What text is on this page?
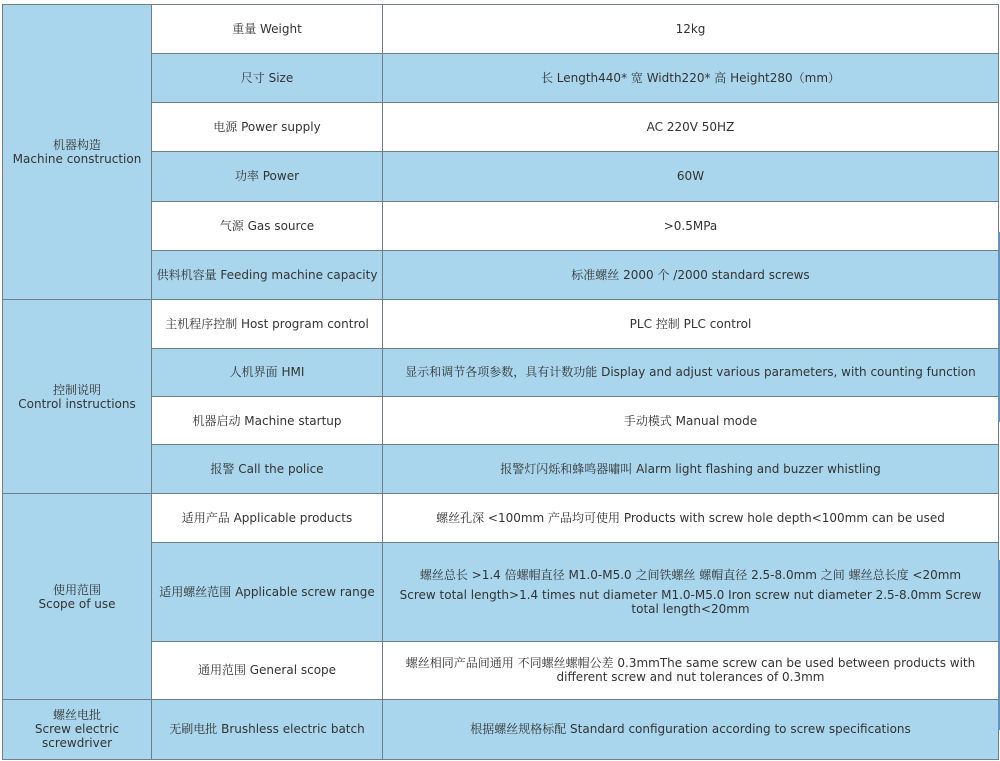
机器构造
Machine construction	重量 Weight	12kg
	尺寸 Size	长 Length440* 宽 Width220* 高 Height280（mm）
	电源 Power supply	AC 220V 50HZ
	功率 Power	60W
	气源 Gas source	>0.5MPa
	供料机容量 Feeding machine capacity	标准螺丝 2000 个 /2000 standard screws

控制说明
Control instructions	主机程序控制 Host program control	PLC 控制 PLC control
	人机界面 HMI	显示和调节各项参数，具有计数功能 Display and adjust various parameters, with counting function
	机器启动 Machine startup	手动模式 Manual mode
	报警 Call the police	报警灯闪烁和蜂鸣器嘯叫 Alarm light flashing and buzzer whistling

使用范围
Scope of use	适用产品 Applicable products	螺丝孔深 <100mm 产品均可使用 Products with screw hole depth<100mm can be used
	适用螺丝范围 Applicable screw range	螺丝总长 >1.4 倍螺帽直径 M1.0-M5.0 之间铁螺丝 螺帽直径 2.5-8.0mm 之间 螺丝总长度 <20mm
Screw total length>1.4 times nut diameter M1.0-M5.0 Iron screw nut diameter 2.5-8.0mm Screw total length<20mm

	通用范围 General scope	螺丝相同产品间通用 不同螺丝螺帽公差 0.3mmThe same screw can be used between products with different screw and nut tolerances of 0.3mm

螺丝电批
Screw electric screwdriver	无刷电批 Brushless electric batch	根据螺丝规格标配 Standard configuration according to screw specifications
